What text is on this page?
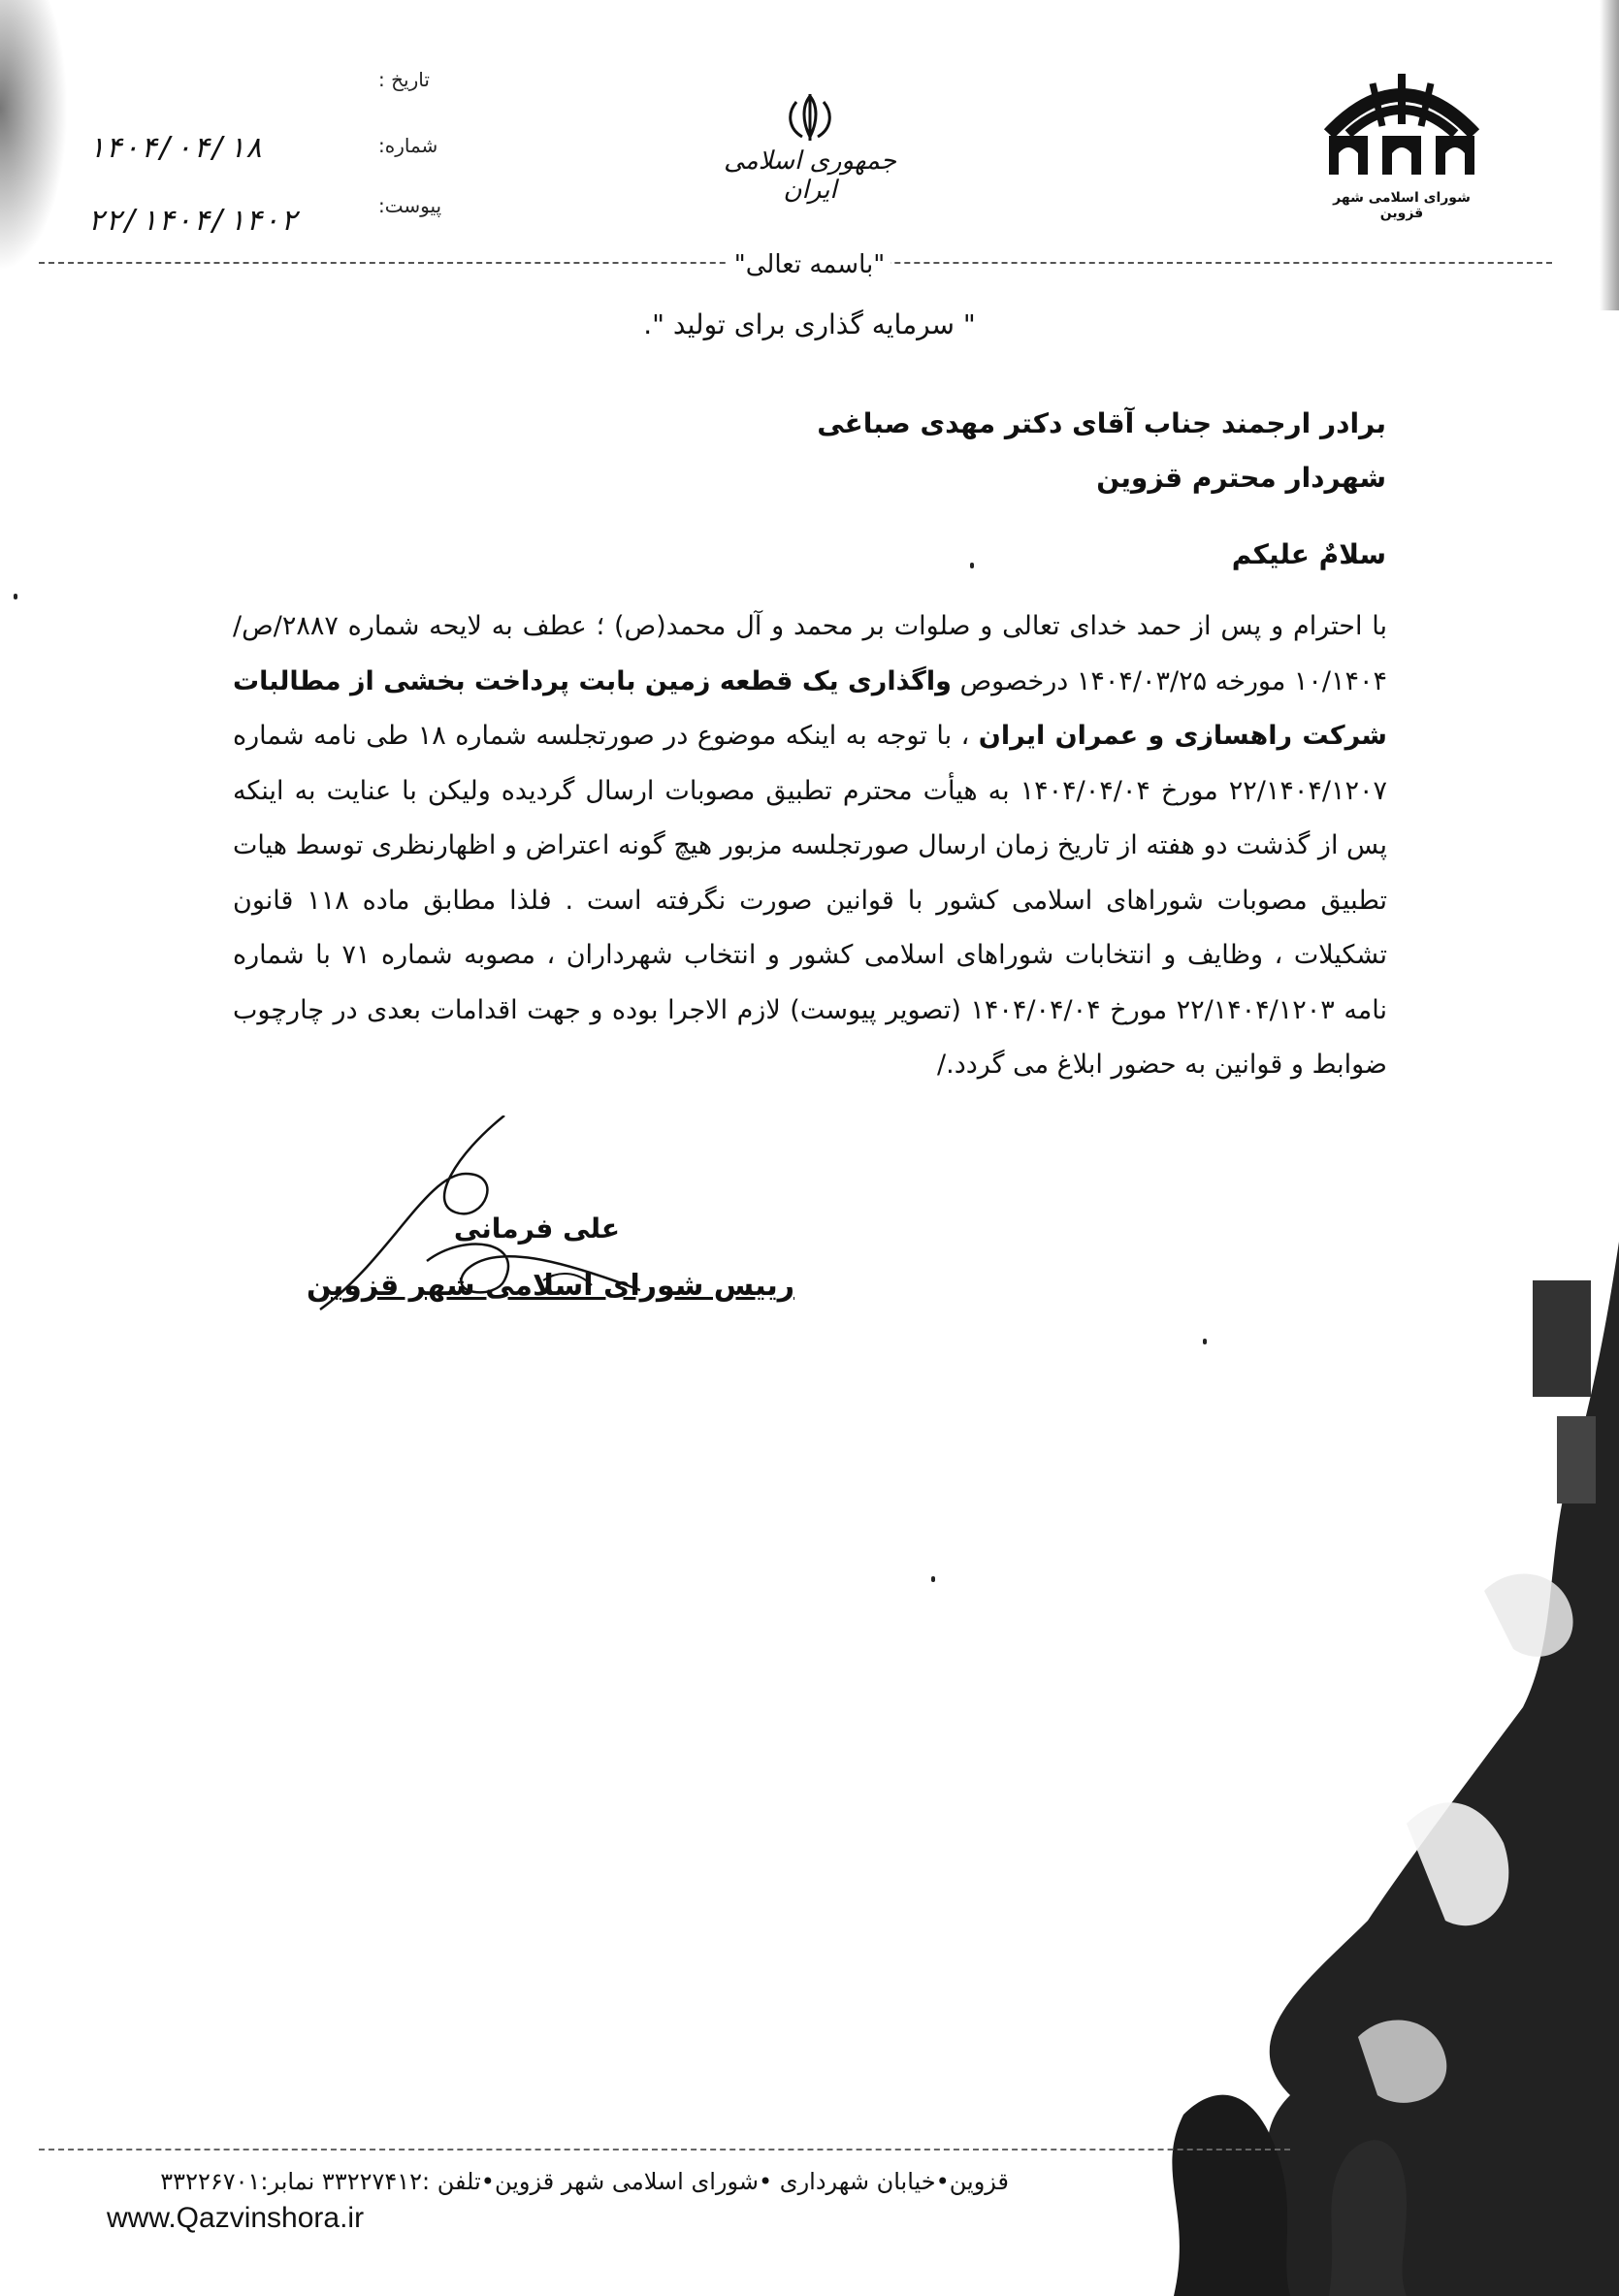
تاریخ :
شماره:
پیوست:
۱۴۰۴/۰۴/۱۸
۲۲/۱۴۰۴/۱۴۰۲
جمهوری اسلامی ایران	شورای اسلامی شهر قزوین
"باسمه تعالی"
" سرمایه گذاری برای تولید ".
برادر ارجمند جناب آقای دکتر مهدی صباغی
شهردار محترم قزوین
سلامٌ علیکم
با احترام و پس از حمد خدای تعالی و صلوات بر محمد و آل محمد(ص) ؛ عطف به لایحه شماره ۲۸۸۷/ص/۱۰/۱۴۰۴ مورخه ۱۴۰۴/۰۳/۲۵ درخصوص واگذاری یک قطعه زمین بابت پرداخت بخشی از مطالبات شرکت راهسازی و عمران ایران ، با توجه به اینکه موضوع در صورتجلسه شماره ۱۸ طی نامه شماره ۲۲/۱۴۰۴/۱۲۰۷ مورخ ۱۴۰۴/۰۴/۰۴ به هیأت محترم تطبیق مصوبات ارسال گردیده ولیکن با عنایت به اینکه پس از گذشت دو هفته از تاریخ زمان ارسال صورتجلسه مزبور هیچ گونه اعتراض و اظهارنظری توسط هیات تطبیق مصوبات شوراهای اسلامی کشور با قوانین صورت نگرفته است . فلذا مطابق ماده ۱۱۸ قانون تشکیلات ، وظایف و انتخابات شوراهای اسلامی کشور و انتخاب شهرداران ، مصوبه شماره ۷۱ با شماره نامه ۲۲/۱۴۰۴/۱۲۰۳ مورخ ۱۴۰۴/۰۴/۰۴ (تصویر پیوست) لازم الاجرا بوده و جهت اقدامات بعدی در چارچوب ضوابط و قوانین به حضور ابلاغ می گردد./
علی فرمانی
رییس شورای اسلامی شهر قزوین
قزوین•خیابان شهرداری •شورای اسلامی شهر قزوین•تلفن :۳۳۲۲۷۴۱۲ نمابر:۳۳۲۲۶۷۰۱
www.Qazvinshora.ir
